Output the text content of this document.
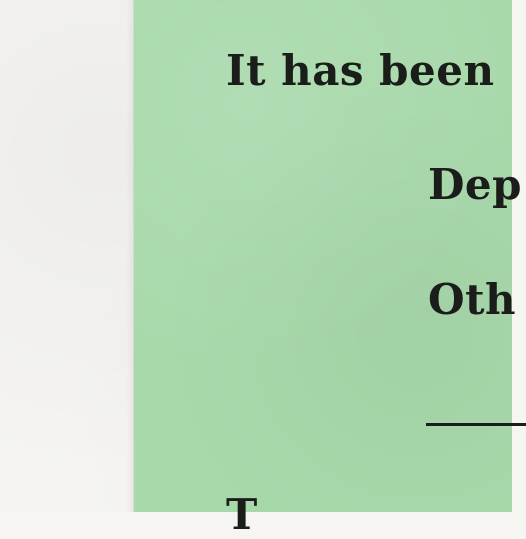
It has been

Dep

Oth

T
